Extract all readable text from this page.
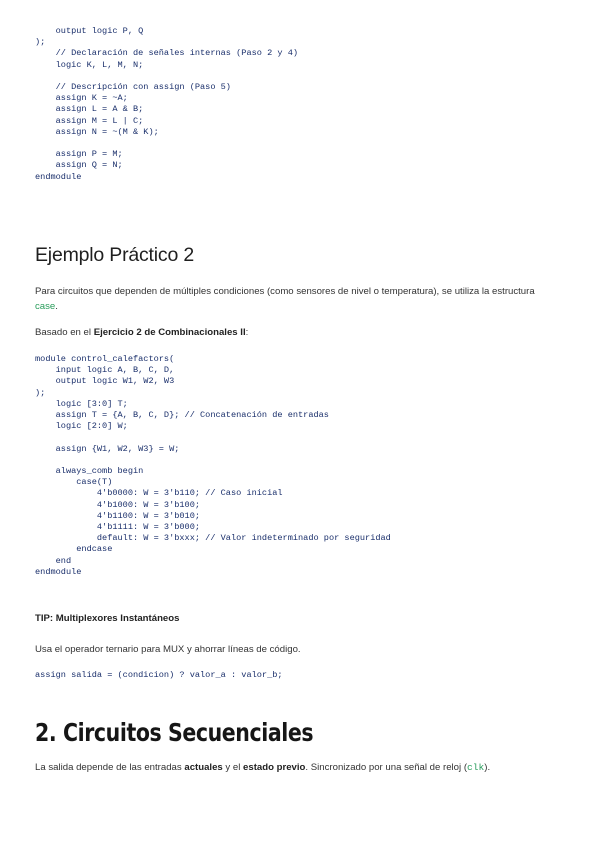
output logic P, Q
);
// Declaración de señales internas (Paso 2 y 4)
logic K, L, M, N;
// Descripción con assign (Paso 5)
assign K = ~A;
assign L = A & B;
assign M = L | C;
assign N = ~(M & K);
assign P = M;
assign Q = N;
endmodule
Ejemplo Práctico 2

Para circuitos que dependen de múltiples condiciones (como sensores de nivel o temperatura), se utiliza la estructura case.

Basado en el Ejercicio 2 de Combinacionales II:

module control_calefactors(
input logic A, B, C, D,
output logic W1, W2, W3
);
logic [3:0] T;
assign T = {A, B, C, D}; // Concatenación de entradas
logic [2:0] W;
assign {W1, W2, W3} = W;
always_comb begin
case(T)
4'b0000: W = 3'b110; // Caso inicial
4'b1000: W = 3'b100;
4'b1100: W = 3'b010;
4'b1111: W = 3'b000;
default: W = 3'bxxx; // Valor indeterminado por seguridad
endcase
end
endmodule

TIP: Multiplexores Instantáneos

Usa el operador ternario para MUX y ahorrar líneas de código.

assign salida = (condicion) ? valor_a : valor_b;
2. Circuitos Secuenciales

La salida depende de las entradas actuales y el estado previo. Sincronizado por una señal de reloj (clk).
